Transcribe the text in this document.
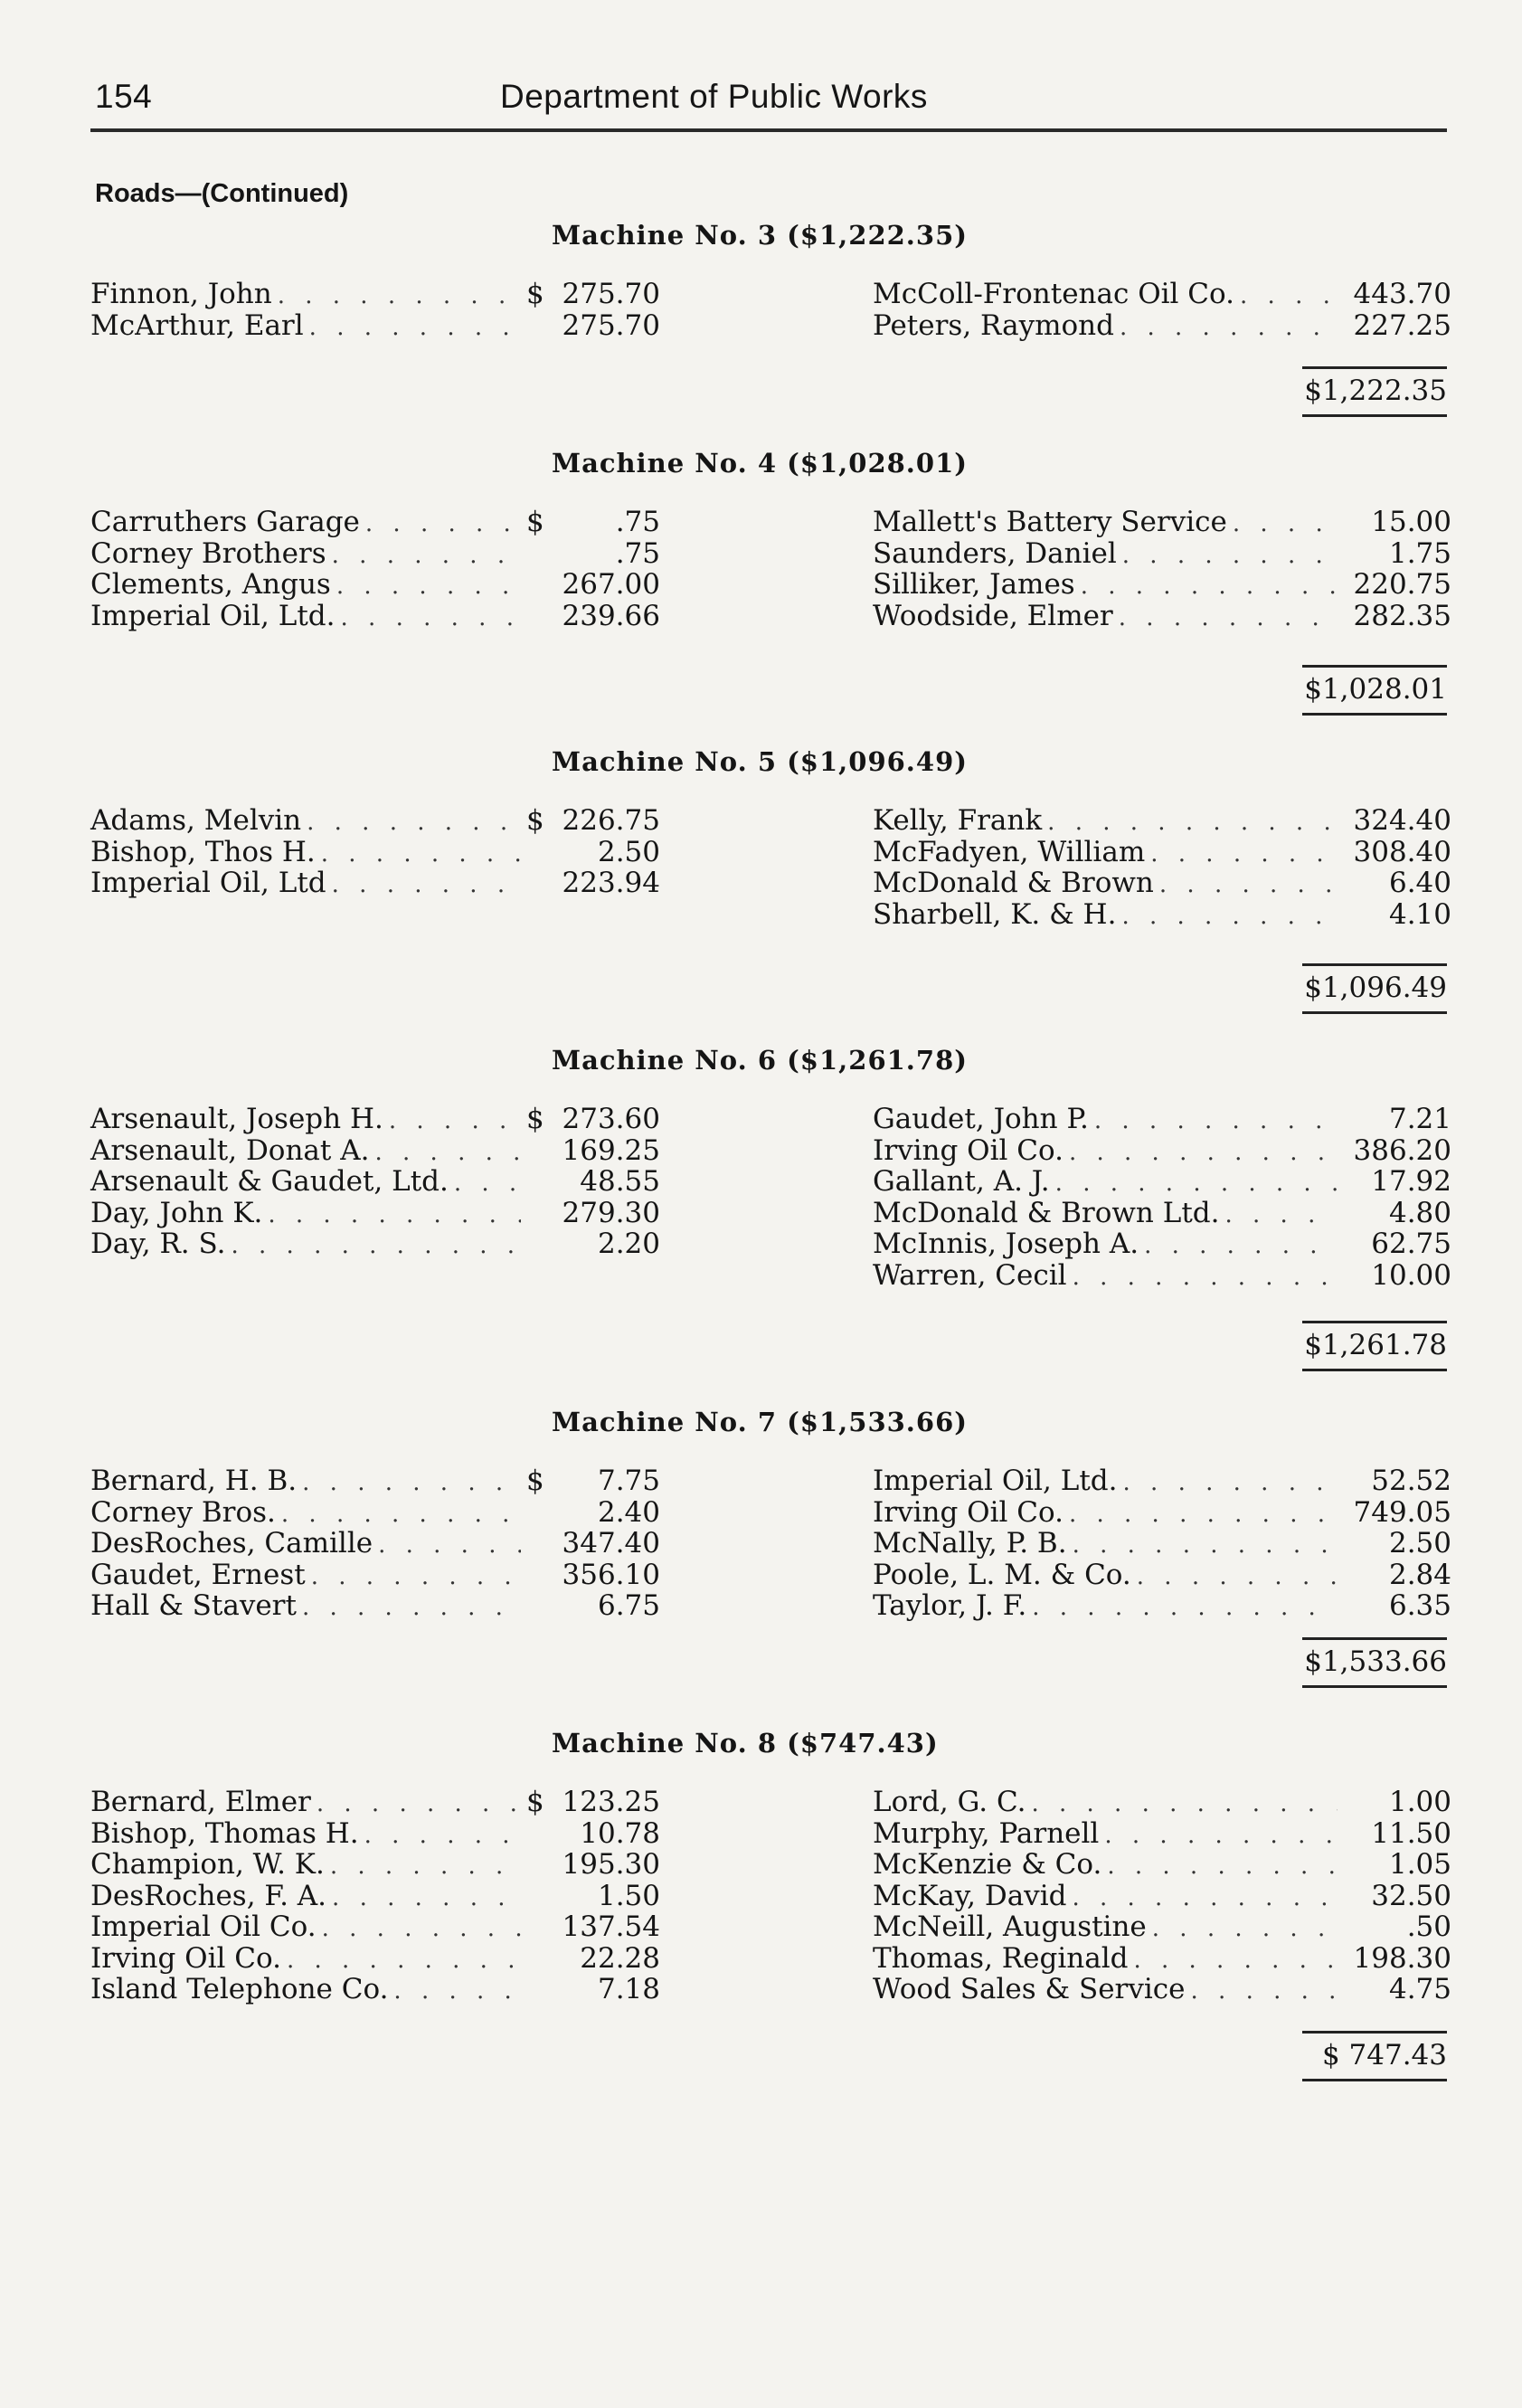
154	Department of Public Works
Roads—(Continued)
Machine No. 3 ($1,222.35)
Finnon, John . . .	$ 275.70
McArthur, Earl . . .	275.70
McColl-Frontenac Oil Co. . . .	443.70
Peters, Raymond . . .	227.25
$1,222.35
Machine No. 4 ($1,028.01)
Carruthers Garage . . .	$	.75
Corney Brothers . . .	.75
Clements, Angus . . .	267.00
Imperial Oil, Ltd. . . .	239.66
Mallett's Battery Service . . .	15.00
Saunders, Daniel . . .	1.75
Silliker, James . . .	220.75
Woodside, Elmer . . .	282.35
$1,028.01
Machine No. 5 ($1,096.49)
Adams, Melvin . . .	$ 226.75
Bishop, Thos H. . . .	2.50
Imperial Oil, Ltd . . .	223.94
Kelly, Frank . . .	324.40
McFadyen, William . . .	308.40
McDonald & Brown . . .	6.40
Sharbell, K. & H. . . .	4.10
$1,096.49
Machine No. 6 ($1,261.78)
Arsenault, Joseph H. . . .	$ 273.60
Arsenault, Donat A. . . .	169.25
Arsenault & Gaudet, Ltd. . . .	48.55
Day, John K. . . .	279.30
Day, R. S. . . .	2.20
Gaudet, John P. . . .	7.21
Irving Oil Co. . . .	386.20
Gallant, A. J. . . .	17.92
McDonald & Brown Ltd. . . .	4.80
McInnis, Joseph A. . . .	62.75
Warren, Cecil . . .	10.00
$1,261.78
Machine No. 7 ($1,533.66)
Bernard, H. B. . . .	$	7.75
Corney Bros. . . .	2.40
DesRoches, Camille . . .	347.40
Gaudet, Ernest . . .	356.10
Hall & Stavert . . .	6.75
Imperial Oil, Ltd. . . .	52.52
Irving Oil Co. . . .	749.05
McNally, P. B. . . .	2.50
Poole, L. M. & Co. . . .	2.84
Taylor, J. F. . . .	6.35
$1,533.66
Machine No. 8 ($747.43)
Bernard, Elmer . . .	$ 123.25
Bishop, Thomas H. . . .	10.78
Champion, W. K. . . .	195.30
DesRoches, F. A. . . .	1.50
Imperial Oil Co. . . .	137.54
Irving Oil Co. . . .	22.28
Island Telephone Co. . . .	7.18
Lord, G. C. . . .	1.00
Murphy, Parnell . . .	11.50
McKenzie & Co. . . .	1.05
McKay, David . . .	32.50
McNeill, Augustine . . .	.50
Thomas, Reginald . . .	198.30
Wood Sales & Service . . .	4.75
$ 747.43
